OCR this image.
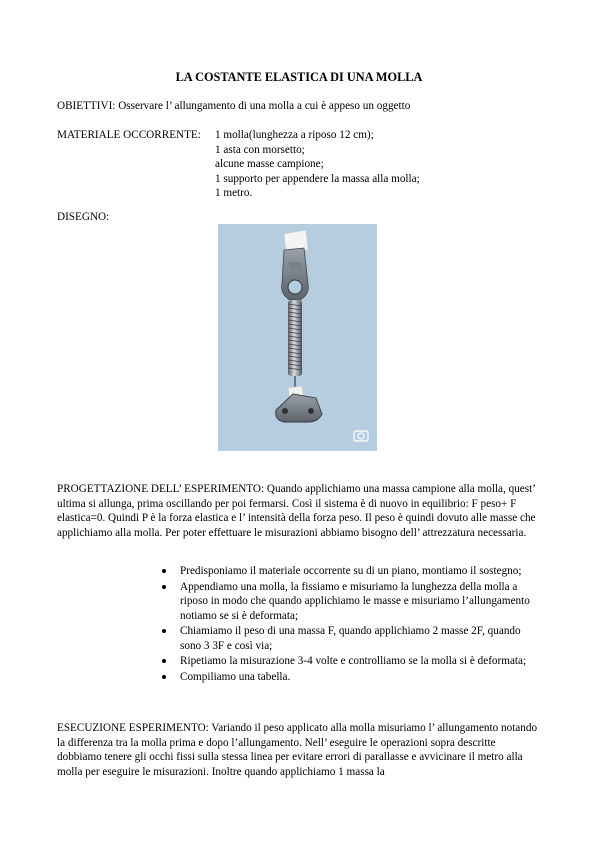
LA COSTANTE ELASTICA DI UNA MOLLA
OBIETTIVI: Osservare l’ allungamento di una molla a cui è appeso un oggetto
MATERIALE OCCORRENTE: 1 molla(lunghezza a riposo 12 cm);
1 asta con morsetto;
alcune masse campione;
1 supporto per appendere la massa alla molla;
1 metro.
DISEGNO:
PROGETTAZIONE DELL’ ESPERIMENTO: Quando applichiamo una massa campione alla molla, quest’ ultima si allunga, prima oscillando per poi fermarsi. Così il sistema è di nuovo in equilibrio: F peso+ F elastica=0. Quindi P è la forza elastica e l’ intensità della forza peso. Il peso è quindi dovuto alle masse che applichiamo alla molla. Per poter effettuare le misurazioni abbiamo bisogno dell’ attrezzatura necessaria.
Predisponiamo il materiale occorrente su di un piano, montiamo il sostegno;
Appendiamo una molla, la fissiamo e misuriamo la lunghezza della molla a riposo in modo che quando applichiamo le masse e misuriamo l’allungamento notiamo se si è deformata;
Chiamiamo il peso di una massa F, quando applichiamo 2 masse 2F, quando sono 3 3F e così via;
Ripetiamo la misurazione 3-4 volte e controlliamo se la molla si è deformata;
Compiliamo una tabella.
ESECUZIONE ESPERIMENTO: Variando il peso applicato alla molla misuriamo l’ allungamento notando la differenza tra la molla prima e dopo l’allungamento. Nell’ eseguire le operazioni sopra descritte dobbiamo tenere gli occhi fissi sulla stessa linea per evitare errori di parallasse e avvicinare il metro alla molla per eseguire le misurazioni. Inoltre quando applichiamo 1 massa la
